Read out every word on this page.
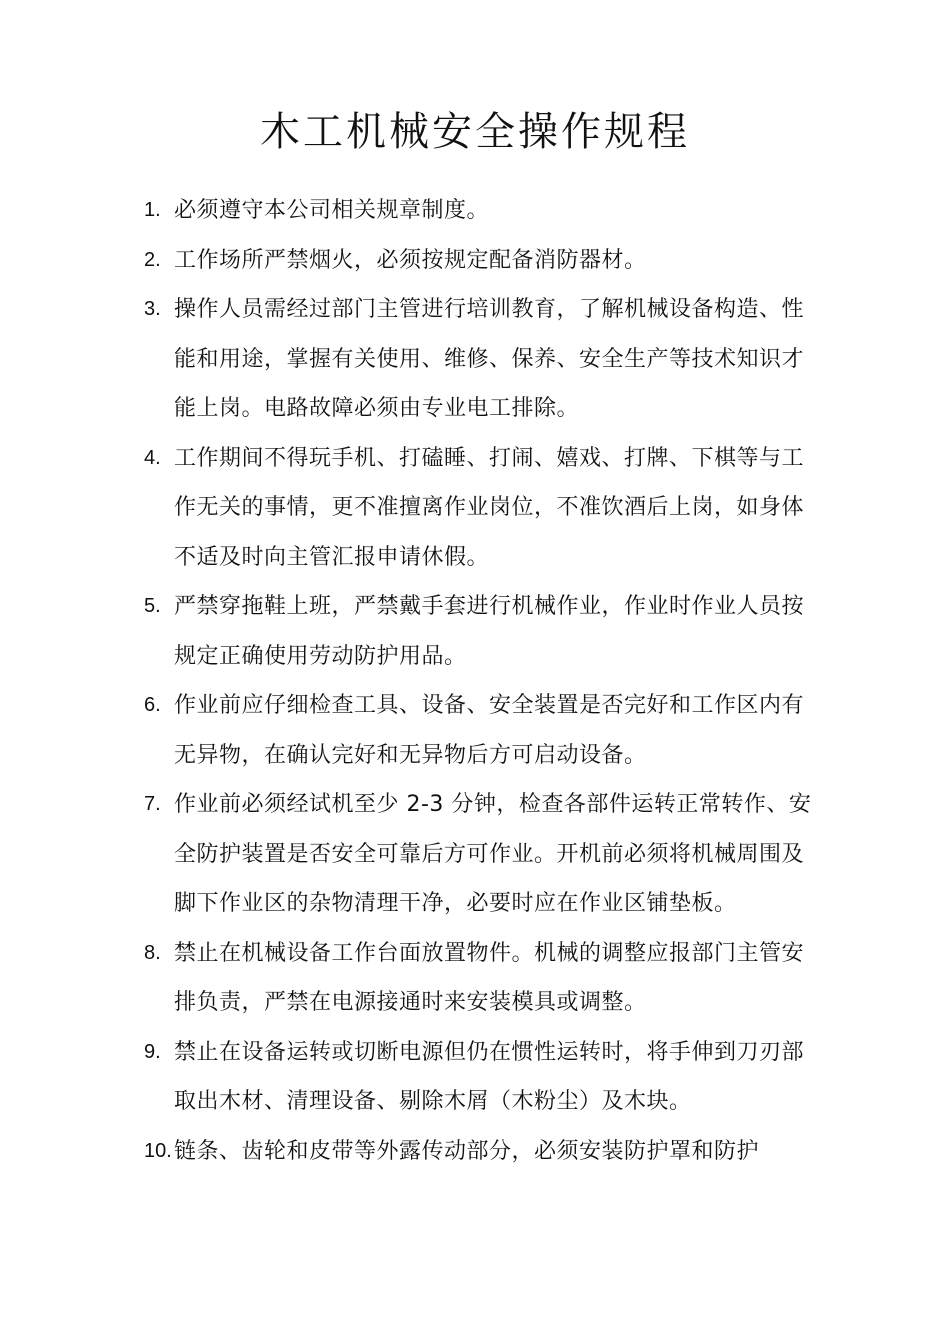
木工机械安全操作规程
1. 必须遵守本公司相关规章制度。
2. 工作场所严禁烟火，必须按规定配备消防器材。
3. 操作人员需经过部门主管进行培训教育，了解机械设备构造、性能和用途，掌握有关使用、维修、保养、安全生产等技术知识才能上岗。电路故障必须由专业电工排除。
4. 工作期间不得玩手机、打磕睡、打闹、嬉戏、打牌、下棋等与工作无关的事情，更不准擅离作业岗位，不准饮酒后上岗，如身体不适及时向主管汇报申请休假。
5. 严禁穿拖鞋上班，严禁戴手套进行机械作业，作业时作业人员按规定正确使用劳动防护用品。
6. 作业前应仔细检查工具、设备、安全装置是否完好和工作区内有无异物，在确认完好和无异物后方可启动设备。
7. 作业前必须经试机至少 2-3 分钟，检查各部件运转正常转作、安全防护装置是否安全可靠后方可作业。开机前必须将机械周围及脚下作业区的杂物清理干净，必要时应在作业区铺垫板。
8. 禁止在机械设备工作台面放置物件。机械的调整应报部门主管安排负责，严禁在电源接通时来安装模具或调整。
9. 禁止在设备运转或切断电源但仍在惯性运转时，将手伸到刀刃部取出木材、清理设备、剔除木屑（木粉尘）及木块。
10. 链条、齿轮和皮带等外露传动部分，必须安装防护罩和防护
